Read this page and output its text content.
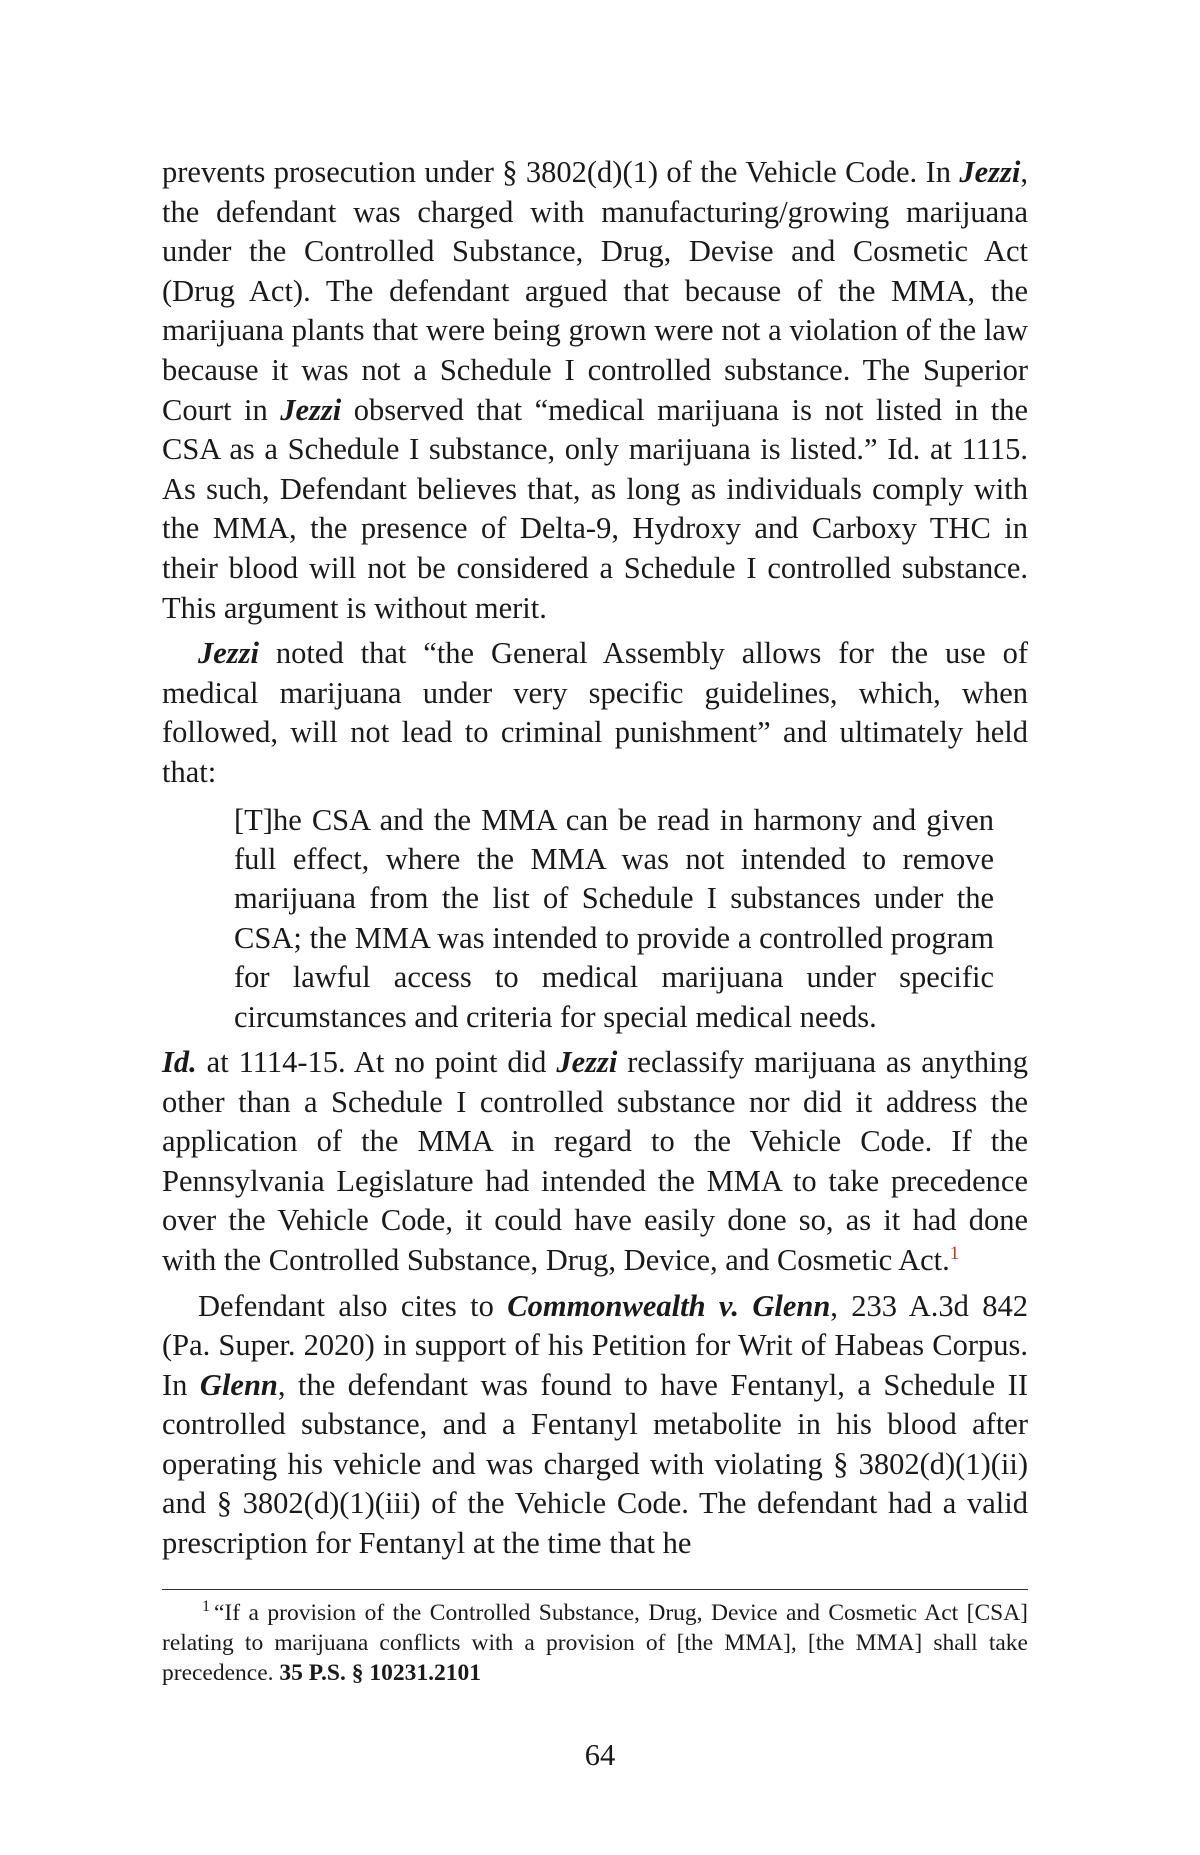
prevents prosecution under § 3802(d)(1) of the Vehicle Code. In Jezzi, the defendant was charged with manufacturing/growing marijuana under the Controlled Substance, Drug, Devise and Cosmetic Act (Drug Act). The defendant argued that because of the MMA, the marijuana plants that were being grown were not a violation of the law because it was not a Schedule I controlled substance. The Superior Court in Jezzi observed that “medical marijuana is not listed in the CSA as a Schedule I substance, only marijuana is listed.” Id. at 1115. As such, Defendant believes that, as long as individuals comply with the MMA, the presence of Delta-9, Hydroxy and Carboxy THC in their blood will not be considered a Schedule I controlled substance. This argument is without merit.

Jezzi noted that “the General Assembly allows for the use of medical marijuana under very specific guidelines, which, when followed, will not lead to criminal punishment” and ultimately held that:

[T]he CSA and the MMA can be read in harmony and given full effect, where the MMA was not intended to remove marijuana from the list of Schedule I substances under the CSA; the MMA was intended to provide a controlled program for lawful access to medical marijuana under specific circumstances and criteria for special medical needs.

Id. at 1114-15. At no point did Jezzi reclassify marijuana as anything other than a Schedule I controlled substance nor did it address the application of the MMA in regard to the Vehicle Code. If the Pennsylvania Legislature had intended the MMA to take precedence over the Vehicle Code, it could have easily done so, as it had done with the Controlled Substance, Drug, Device, and Cosmetic Act.$^1$

Defendant also cites to Commonwealth v. Glenn, 233 A.3d 842 (Pa. Super. 2020) in support of his Petition for Writ of Habeas Corpus. In Glenn, the defendant was found to have Fentanyl, a Schedule II controlled substance, and a Fentanyl metabolite in his blood after operating his vehicle and was charged with violating § 3802(d)(1)(ii) and § 3802(d)(1)(iii) of the Vehicle Code. The defendant had a valid prescription for Fentanyl at the time that he

$^1$ “If a provision of the Controlled Substance, Drug, Device and Cosmetic Act [CSA] relating to marijuana conflicts with a provision of [the MMA], [the MMA] shall take precedence. 35 P.S. § 10231.2101
64
